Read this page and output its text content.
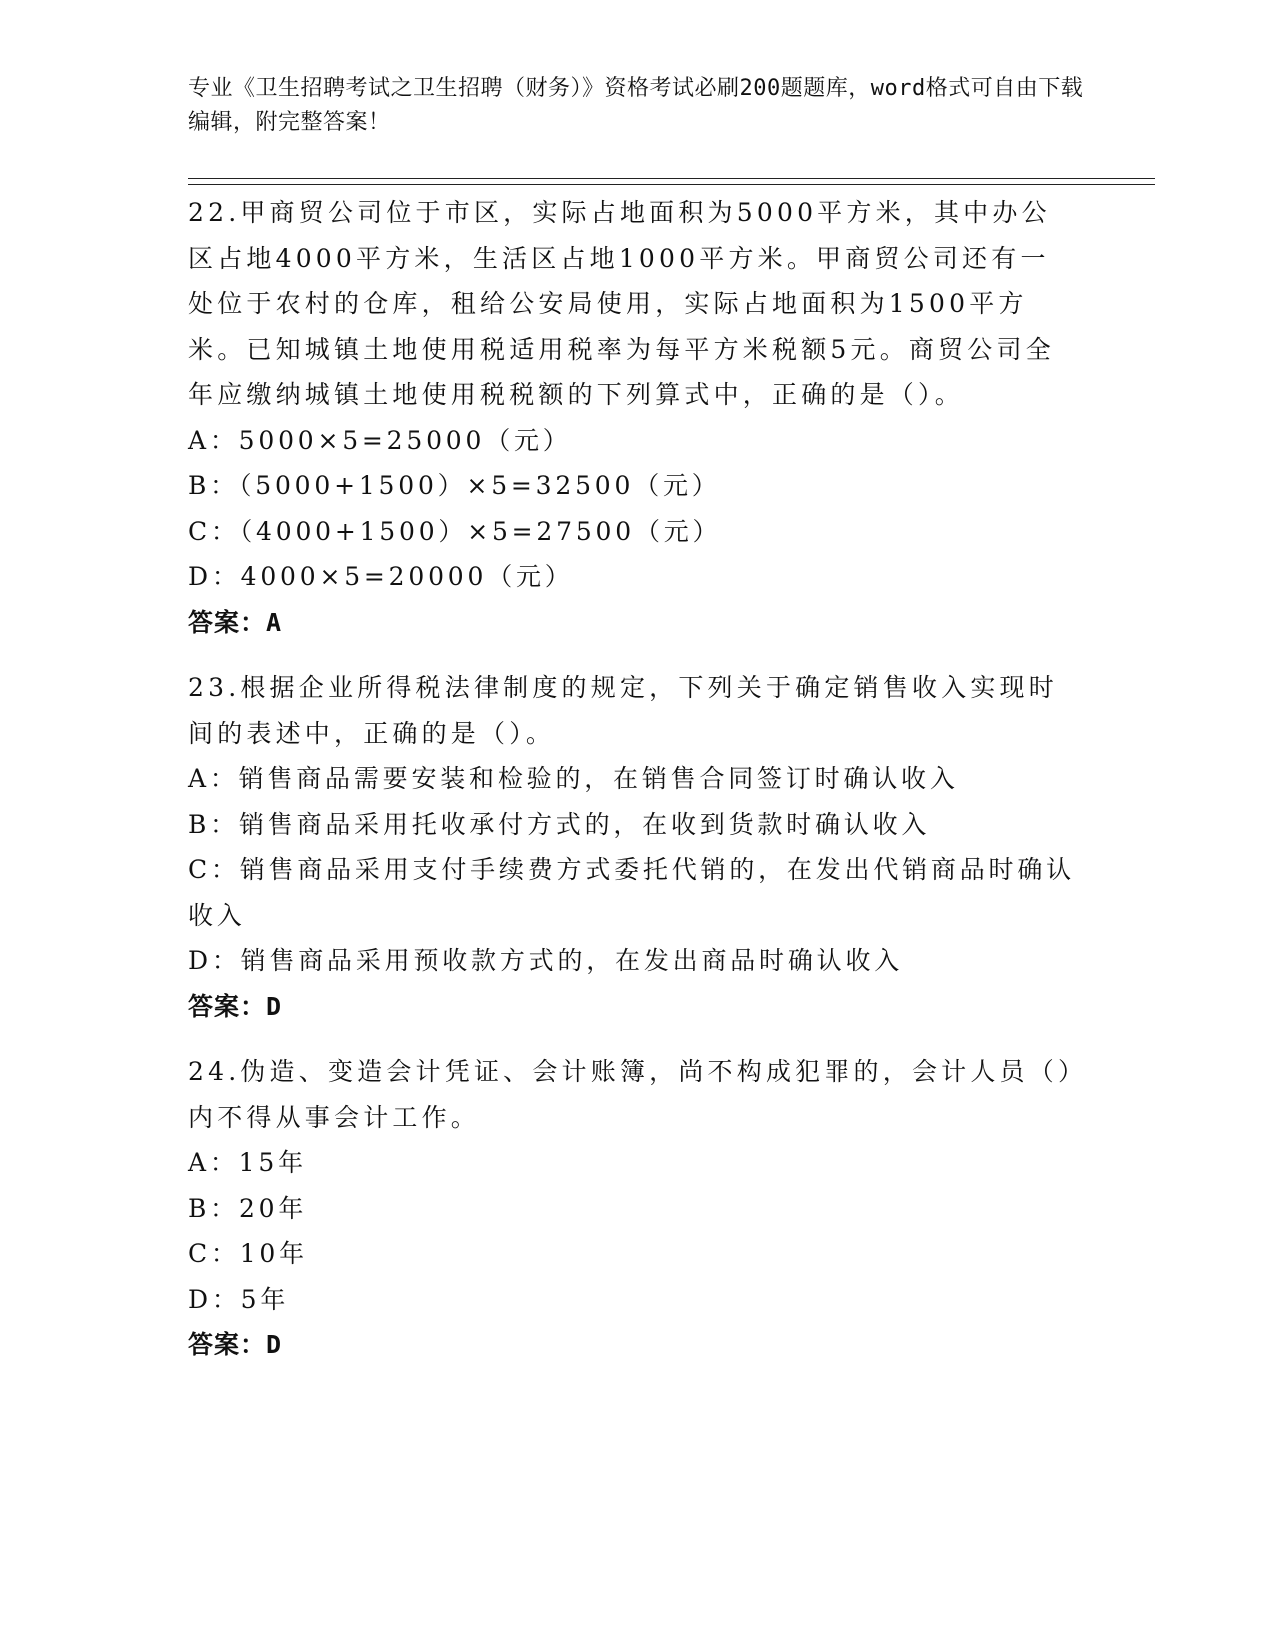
专业《卫生招聘考试之卫生招聘（财务）》资格考试必刷200题题库，word格式可自由下载编辑，附完整答案！

22.甲商贸公司位于市区，实际占地面积为5000平方米，其中办公区占地4000平方米，生活区占地1000平方米。甲商贸公司还有一处位于农村的仓库，租给公安局使用，实际占地面积为1500平方米。已知城镇土地使用税适用税率为每平方米税额5元。商贸公司全年应缴纳城镇土地使用税税额的下列算式中，正确的是（）。

A：5000×5=25000（元）

B：（5000+1500）×5=32500（元）

C：（4000+1500）×5=27500（元）

D：4000×5=20000（元）

答案：A

23.根据企业所得税法律制度的规定，下列关于确定销售收入实现时间的表述中，正确的是（）。

A：销售商品需要安装和检验的，在销售合同签订时确认收入

B：销售商品采用托收承付方式的，在收到货款时确认收入

C：销售商品采用支付手续费方式委托代销的，在发出代销商品时确认收入

D：销售商品采用预收款方式的，在发出商品时确认收入

答案：D

24.伪造、变造会计凭证、会计账簿，尚不构成犯罪的，会计人员（）内不得从事会计工作。

A：15年

B：20年

C：10年

D：5年

答案：D
